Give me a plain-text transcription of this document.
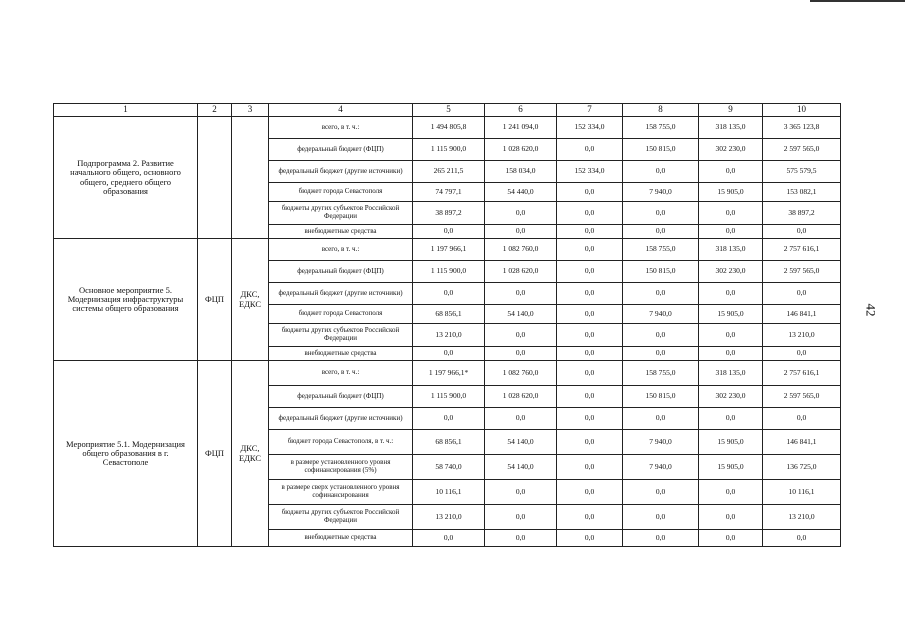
42
1	2	3	4	5	6	7	8	9	10
Подпрограмма 2. Развитие начального общего, основного общего, среднего общего образования			всего, в т. ч.:	1 494 805,8	1 241 094,0	152 334,0	158 755,0	318 135,0	3 365 123,8
			федеральный бюджет (ФЦП)	1 115 900,0	1 028 620,0	0,0	150 815,0	302 230,0	2 597 565,0
			федеральный бюджет (другие источники)	265 211,5	158 034,0	152 334,0	0,0	0,0	575 579,5
			бюджет города Севастополя	74 797,1	54 440,0	0,0	7 940,0	15 905,0	153 082,1
			бюджеты других субъектов Российской Федерации	38 897,2	0,0	0,0	0,0	0,0	38 897,2
			внебюджетные средства	0,0	0,0	0,0	0,0	0,0	0,0
Основное мероприятие 5. Модернизация инфраструктуры системы общего образования	ФЦП	ДКС, ЕДКС	всего, в т. ч.:	1 197 966,1	1 082 760,0	0,0	158 755,0	318 135,0	2 757 616,1
			федеральный бюджет (ФЦП)	1 115 900,0	1 028 620,0	0,0	150 815,0	302 230,0	2 597 565,0
			федеральный бюджет (другие источники)	0,0	0,0	0,0	0,0	0,0	0,0
			бюджет города Севастополя	68 856,1	54 140,0	0,0	7 940,0	15 905,0	146 841,1
			бюджеты других субъектов Российской Федерации	13 210,0	0,0	0,0	0,0	0,0	13 210,0
			внебюджетные средства	0,0	0,0	0,0	0,0	0,0	0,0
Мероприятие 5.1. Модернизация общего образования в г. Севастополе	ФЦП	ДКС, ЕДКС	всего, в т. ч.:	1 197 966,1*	1 082 760,0	0,0	158 755,0	318 135,0	2 757 616,1
			федеральный бюджет (ФЦП)	1 115 900,0	1 028 620,0	0,0	150 815,0	302 230,0	2 597 565,0
			федеральный бюджет (другие источники)	0,0	0,0	0,0	0,0	0,0	0,0
			бюджет города Севастополя, в т. ч.:	68 856,1	54 140,0	0,0	7 940,0	15 905,0	146 841,1
			в размере установленного уровня софинансирования (5%)	58 740,0	54 140,0	0,0	7 940,0	15 905,0	136 725,0
			в размере сверх установленного уровня софинансирования	10 116,1	0,0	0,0	0,0	0,0	10 116,1
			бюджеты других субъектов Российской Федерации	13 210,0	0,0	0,0	0,0	0,0	13 210,0
			внебюджетные средства	0,0	0,0	0,0	0,0	0,0	0,0
